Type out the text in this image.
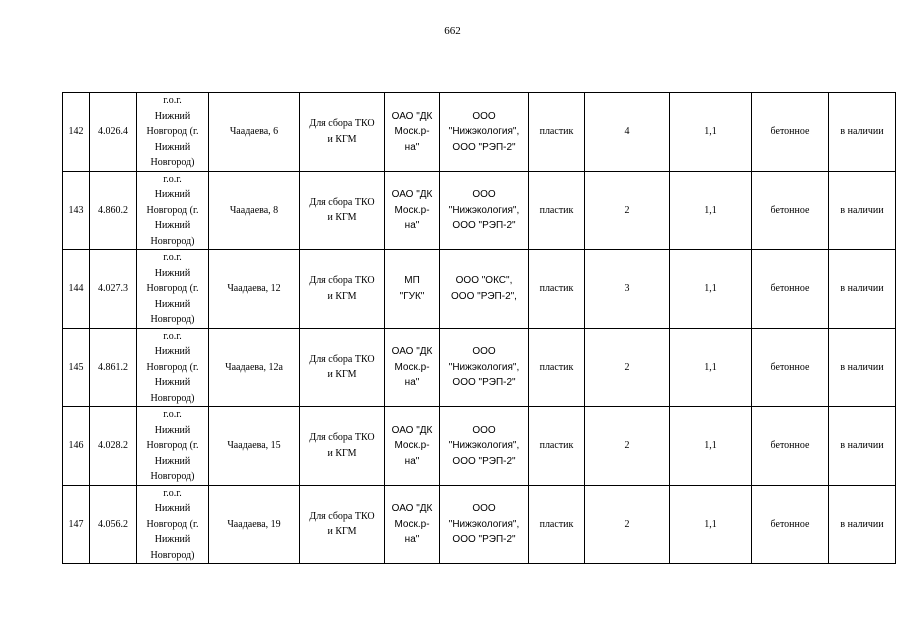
662
142	4.026.4	г.о.г.
Нижний
Новгород (г.
Нижний
Новгород)	Чаадаева, 6	Для сбора ТКО
и КГМ	ОАО "ДК
Моск.р-
на"	ООО
"Нижэкология",
ООО "РЭП-2"	пластик	4	1,1	бетонное	в наличии
143	4.860.2	г.о.г.
Нижний
Новгород (г.
Нижний
Новгород)	Чаадаева, 8	Для сбора ТКО
и КГМ	ОАО "ДК
Моск.р-
на"	ООО
"Нижэкология",
ООО "РЭП-2"	пластик	2	1,1	бетонное	в наличии
144	4.027.3	г.о.г.
Нижний
Новгород (г.
Нижний
Новгород)	Чаадаева, 12	Для сбора ТКО
и КГМ	МП
"ГУК"	ООО "ОКС",
ООО "РЭП-2",	пластик	3	1,1	бетонное	в наличии
145	4.861.2	г.о.г.
Нижний
Новгород (г.
Нижний
Новгород)	Чаадаева, 12а	Для сбора ТКО
и КГМ	ОАО "ДК
Моск.р-
на"	ООО
"Нижэкология",
ООО "РЭП-2"	пластик	2	1,1	бетонное	в наличии
146	4.028.2	г.о.г.
Нижний
Новгород (г.
Нижний
Новгород)	Чаадаева, 15	Для сбора ТКО
и КГМ	ОАО "ДК
Моск.р-
на"	ООО
"Нижэкология",
ООО "РЭП-2"	пластик	2	1,1	бетонное	в наличии
147	4.056.2	г.о.г.
Нижний
Новгород (г.
Нижний
Новгород)	Чаадаева, 19	Для сбора ТКО
и КГМ	ОАО "ДК
Моск.р-
на"	ООО
"Нижэкология",
ООО "РЭП-2"	пластик	2	1,1	бетонное	в наличии
